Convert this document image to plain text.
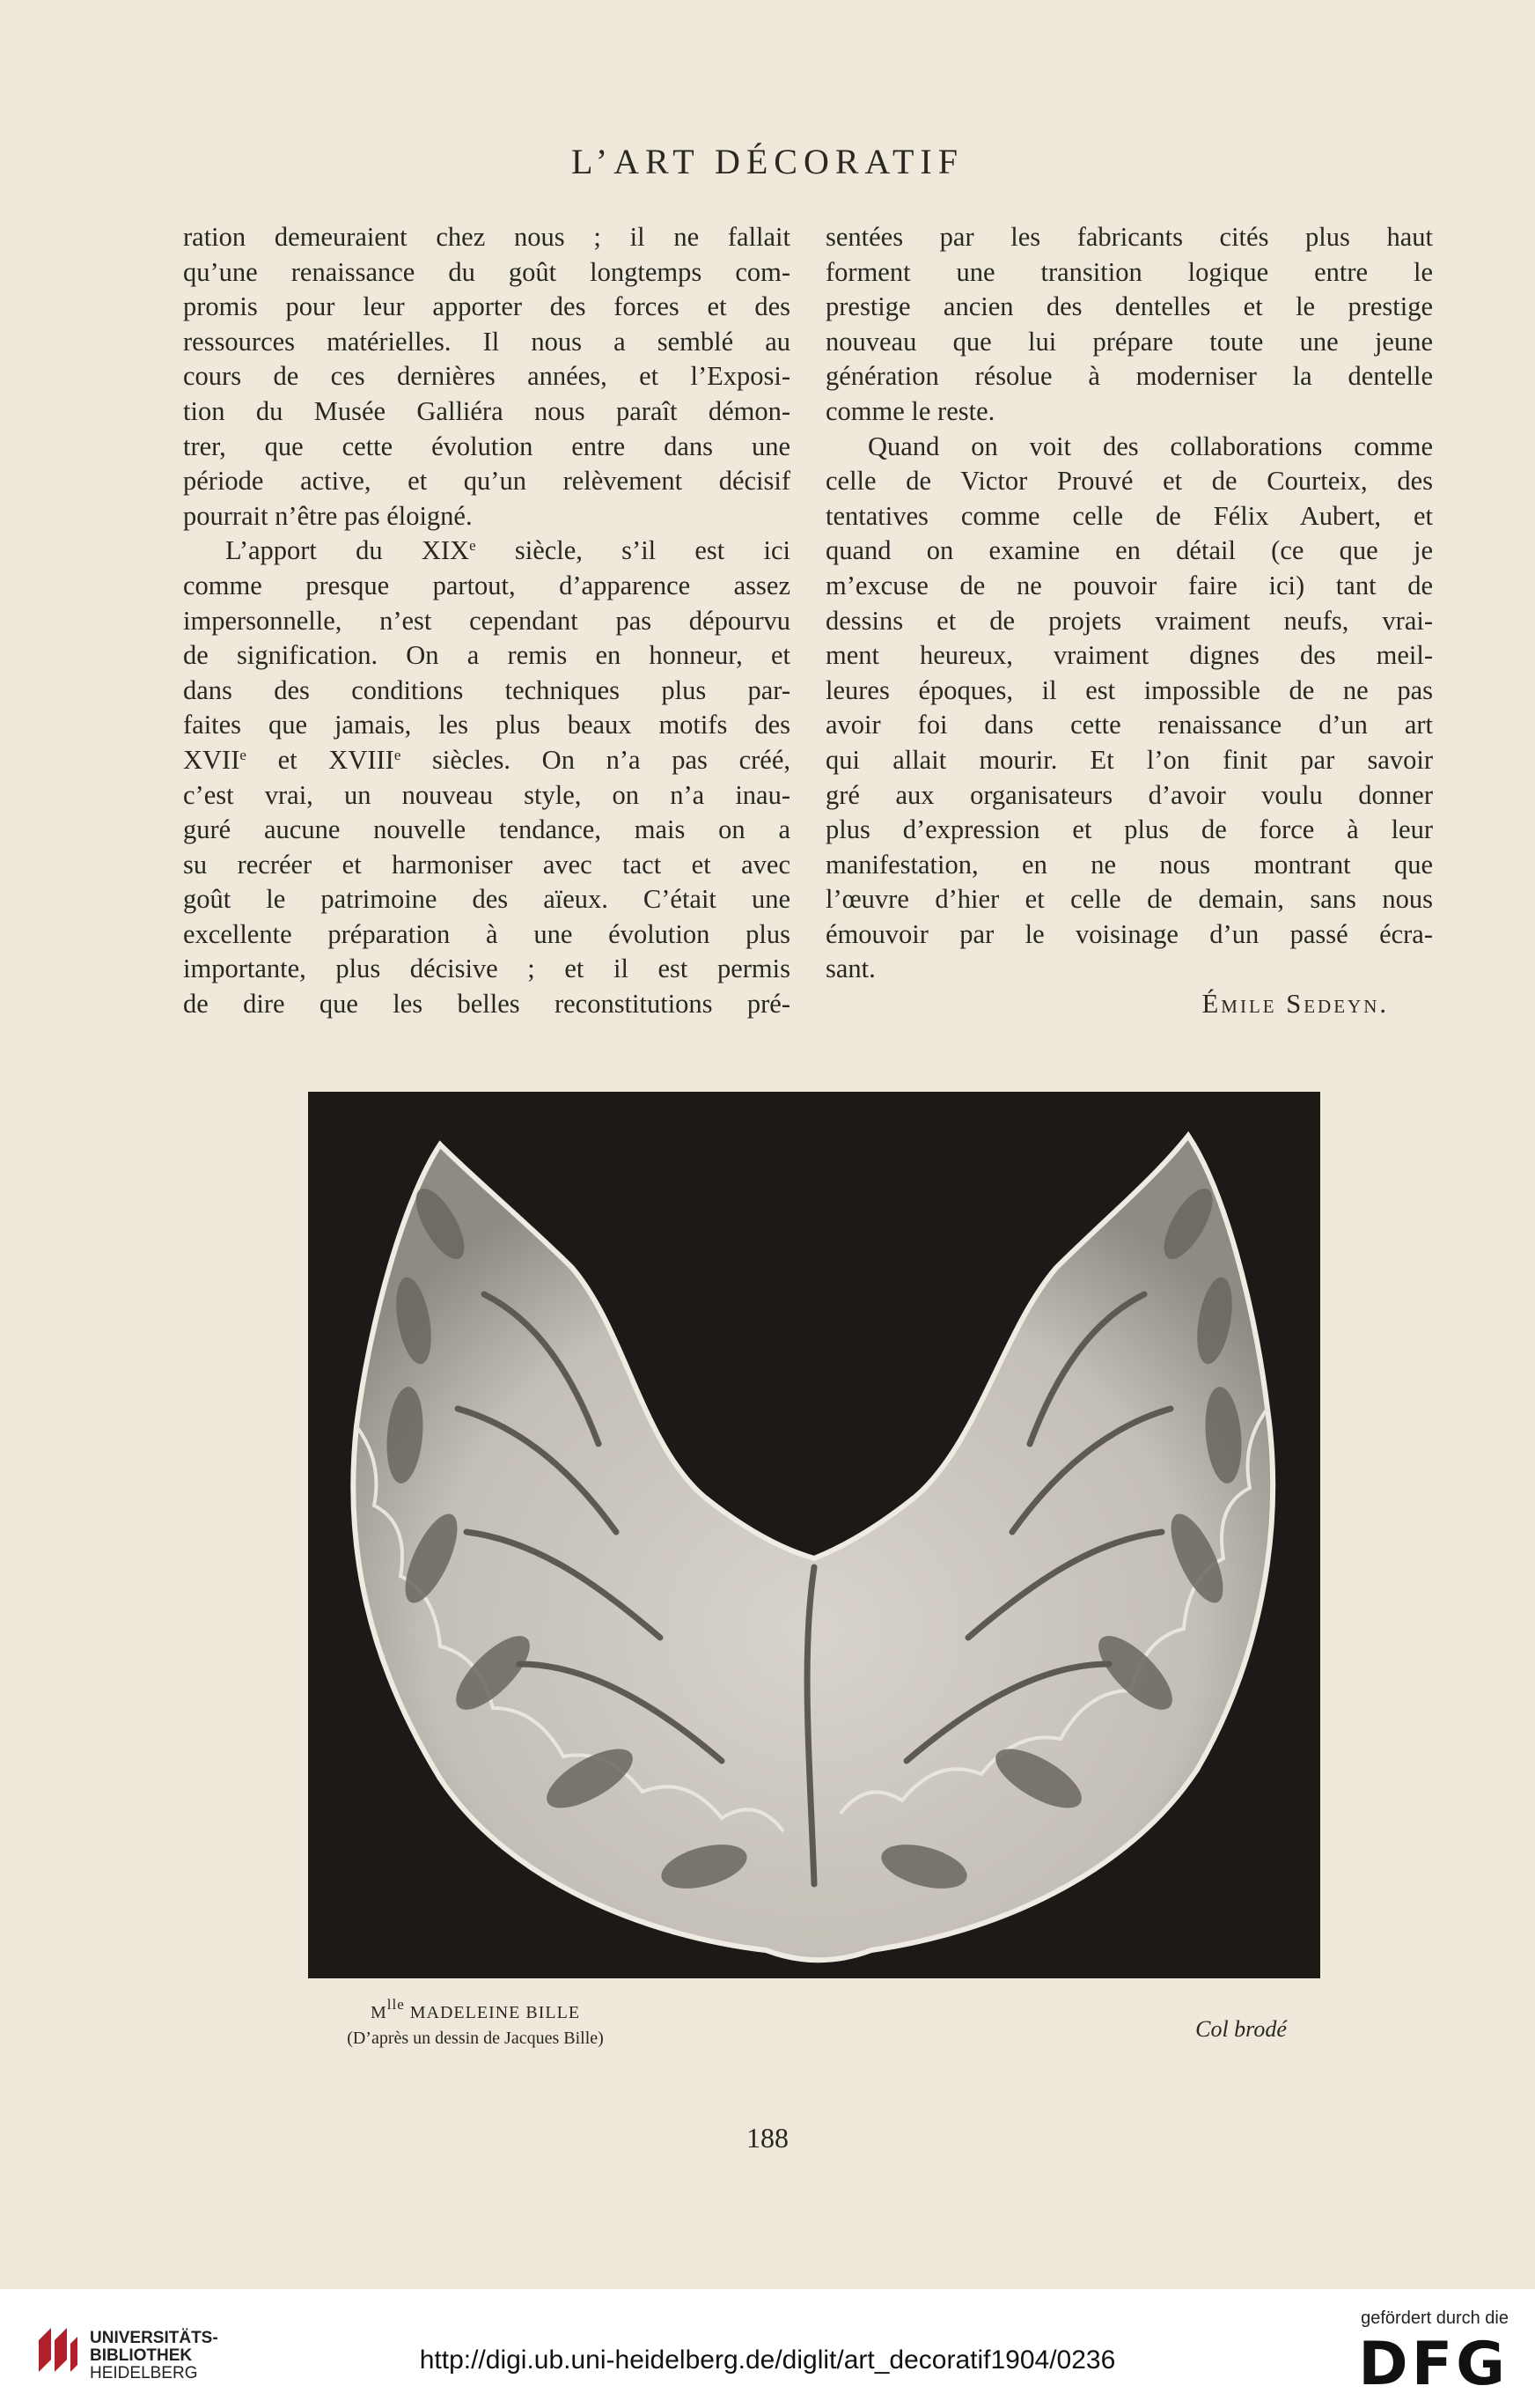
L’ART DÉCORATIF
ration demeuraient chez nous ; il ne fallait
qu’une renaissance du goût longtemps com-
promis pour leur apporter des forces et des
ressources matérielles. Il nous a semblé au
cours de ces dernières années, et l’Exposi-
tion du Musée Galliéra nous paraît démon-
trer, que cette évolution entre dans une
période active, et qu’un relèvement décisif
pourrait n’être pas éloigné.
L’apport du XIXe siècle, s’il est ici
comme presque partout, d’apparence assez
impersonnelle, n’est cependant pas dépourvu
de signification. On a remis en honneur, et
dans des conditions techniques plus par-
faites que jamais, les plus beaux motifs des
XVIIe et XVIIIe siècles. On n’a pas créé,
c’est vrai, un nouveau style, on n’a inau-
guré aucune nouvelle tendance, mais on a
su recréer et harmoniser avec tact et avec
goût le patrimoine des aïeux. C’était une
excellente préparation à une évolution plus
importante, plus décisive ; et il est permis
de dire que les belles reconstitutions pré-
sentées par les fabricants cités plus haut
forment une transition logique entre le
prestige ancien des dentelles et le prestige
nouveau que lui prépare toute une jeune
génération résolue à moderniser la dentelle
comme le reste.
Quand on voit des collaborations comme
celle de Victor Prouvé et de Courteix, des
tentatives comme celle de Félix Aubert, et
quand on examine en détail (ce que je
m’excuse de ne pouvoir faire ici) tant de
dessins et de projets vraiment neufs, vrai-
ment heureux, vraiment dignes des meil-
leures époques, il est impossible de ne pas
avoir foi dans cette renaissance d’un art
qui allait mourir. Et l’on finit par savoir
gré aux organisateurs d’avoir voulu donner
plus d’expression et plus de force à leur
manifestation, en ne nous montrant que
l’œuvre d’hier et celle de demain, sans nous
émouvoir par le voisinage d’un passé écra-
sant.
Émile Sedeyn.
$M^{lle}$ MADELEINE BILLE
(D’après un dessin de Jacques Bille)	Col brodé
188
UNIVERSITÄTS-
BIBLIOTHEK
HEIDELBERG	http://digi.ub.uni-heidelberg.de/diglit/art_decoratif1904/0236
gefördert durch die
DFG
